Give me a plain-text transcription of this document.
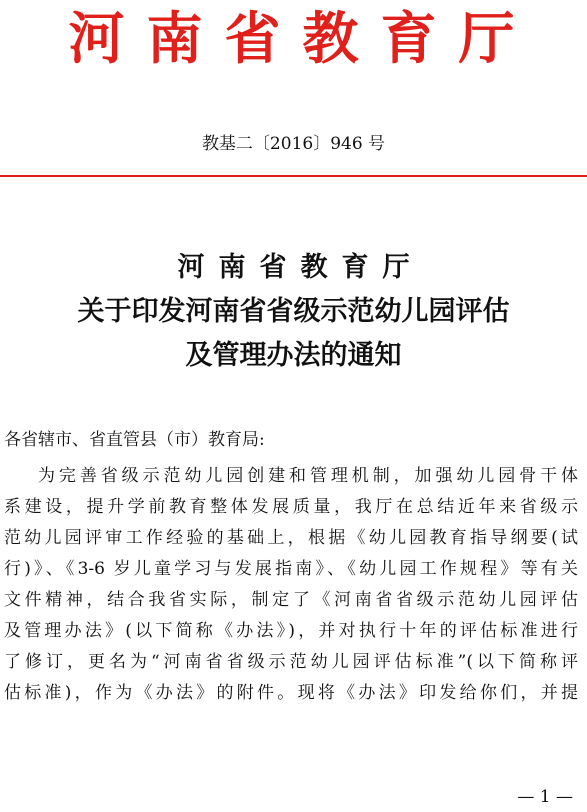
河南省教育厅
教基二〔2016〕946 号
河南省教育厅
关于印发河南省省级示范幼儿园评估
及管理办法的通知
各省辖市、省直管县（市）教育局:
为完善省级示范幼儿园创建和管理机制，加强幼儿园骨干体
系建设，提升学前教育整体发展质量，我厅在总结近年来省级示
范幼儿园评审工作经验的基础上，根据《幼儿园教育指导纲要(试
行)》、《3-6 岁儿童学习与发展指南》、《幼儿园工作规程》等有关
文件精神，结合我省实际，制定了《河南省省级示范幼儿园评估
及管理办法》(以下简称《办法》)，并对执行十年的评估标准进行
了修订，更名为“河南省省级示范幼儿园评估标准”(以下简称评
估标准)，作为《办法》的附件。现将《办法》印发给你们，并提
— 1 —
